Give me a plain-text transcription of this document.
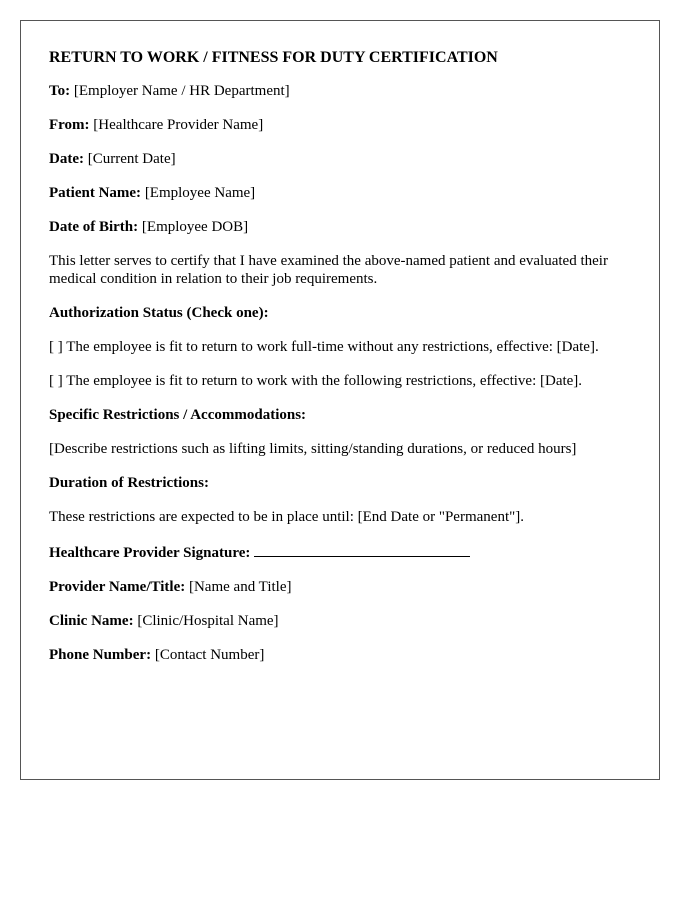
RETURN TO WORK / FITNESS FOR DUTY CERTIFICATION
To: [Employer Name / HR Department]
From: [Healthcare Provider Name]
Date: [Current Date]
Patient Name: [Employee Name]
Date of Birth: [Employee DOB]
This letter serves to certify that I have examined the above-named patient and evaluated their medical condition in relation to their job requirements.
Authorization Status (Check one):
[ ] The employee is fit to return to work full-time without any restrictions, effective: [Date].
[ ] The employee is fit to return to work with the following restrictions, effective: [Date].
Specific Restrictions / Accommodations:
[Describe restrictions such as lifting limits, sitting/standing durations, or reduced hours]
Duration of Restrictions:
These restrictions are expected to be in place until: [End Date or "Permanent"].
Healthcare Provider Signature:
Provider Name/Title: [Name and Title]
Clinic Name: [Clinic/Hospital Name]
Phone Number: [Contact Number]
